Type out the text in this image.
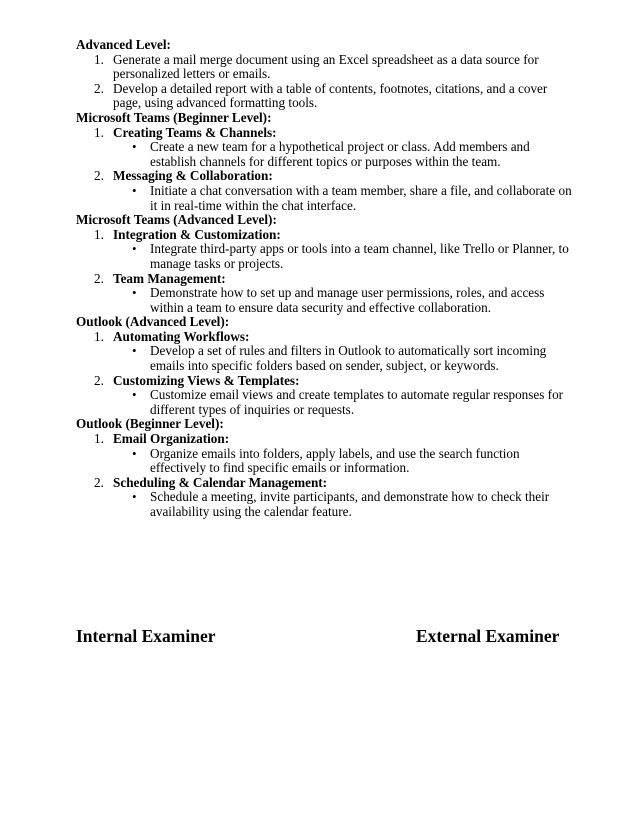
Advanced Level:

1. Generate a mail merge document using an Excel spreadsheet as a data source for personalized letters or emails.
2. Develop a detailed report with a table of contents, footnotes, citations, and a cover page, using advanced formatting tools.

Microsoft Teams (Beginner Level):

1. Creating Teams & Channels:
• Create a new team for a hypothetical project or class. Add members and establish channels for different topics or purposes within the team.
2. Messaging & Collaboration:
• Initiate a chat conversation with a team member, share a file, and collaborate on it in real-time within the chat interface.

Microsoft Teams (Advanced Level):

1. Integration & Customization:
• Integrate third-party apps or tools into a team channel, like Trello or Planner, to manage tasks or projects.
2. Team Management:
• Demonstrate how to set up and manage user permissions, roles, and access within a team to ensure data security and effective collaboration.

Outlook (Advanced Level):

1. Automating Workflows:
• Develop a set of rules and filters in Outlook to automatically sort incoming emails into specific folders based on sender, subject, or keywords.
2. Customizing Views & Templates:
• Customize email views and create templates to automate regular responses for different types of inquiries or requests.

Outlook (Beginner Level):

1. Email Organization:
• Organize emails into folders, apply labels, and use the search function effectively to find specific emails or information.
2. Scheduling & Calendar Management:
• Schedule a meeting, invite participants, and demonstrate how to check their availability using the calendar feature.
Internal Examiner	External Examiner
